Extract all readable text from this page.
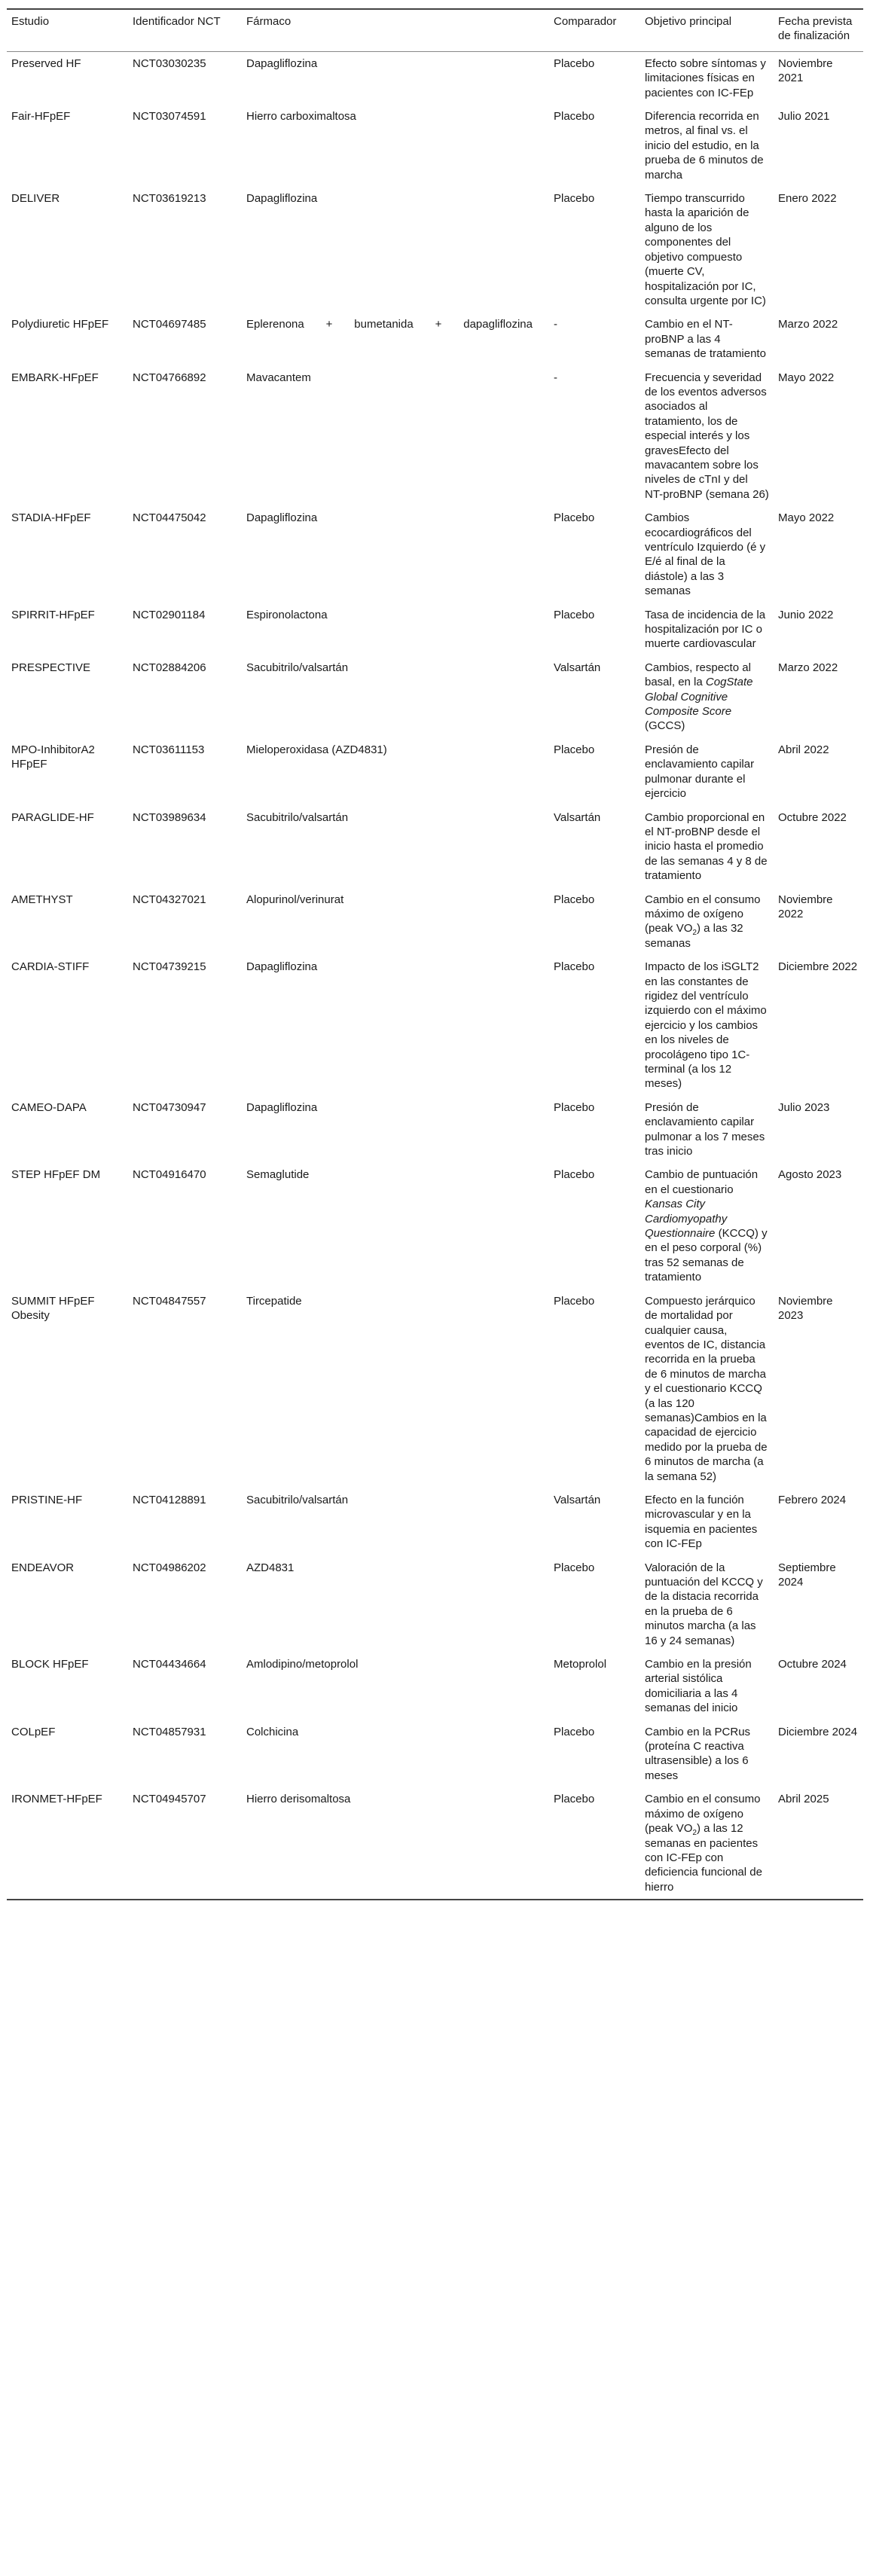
Estudio	Identificador NCT	Fármaco	Comparador	Objetivo principal	Fecha prevista de finalización
Preserved HF	NCT03030235	Dapagliflozina	Placebo	Efecto sobre síntomas y limitaciones físicas en pacientes con IC-FEp	Noviembre 2021
Fair-HFpEF	NCT03074591	Hierro carboximaltosa	Placebo	Diferencia recorrida en metros, al final vs. el inicio del estudio, en la prueba de 6 minutos de marcha	Julio 2021
DELIVER	NCT03619213	Dapagliflozina	Placebo	Tiempo transcurrido hasta la aparición de alguno de los componentes del objetivo compuesto (muerte CV, hospitalización por IC, consulta urgente por IC)	Enero 2022
Polydiuretic HFpEF	NCT04697485	Eplerenona + bumetanida + dapagliflozina	-	Cambio en el NT-proBNP a las 4 semanas de tratamiento	Marzo 2022
EMBARK-HFpEF	NCT04766892	Mavacantem	-	Frecuencia y severidad de los eventos adversos asociados al tratamiento, los de especial interés y los gravesEfecto del mavacantem sobre los niveles de cTnI y del NT-proBNP (semana 26)	Mayo 2022
STADIA-HFpEF	NCT04475042	Dapagliflozina	Placebo	Cambios ecocardiográficos del ventrículo Izquierdo (é y E/é al final de la diástole) a las 3 semanas	Mayo 2022
SPIRRIT-HFpEF	NCT02901184	Espironolactona	Placebo	Tasa de incidencia de la hospitalización por IC o muerte cardiovascular	Junio 2022
PRESPECTIVE	NCT02884206	Sacubitrilo/valsartán	Valsartán	Cambios, respecto al basal, en la CogState Global Cognitive Composite Score (GCCS)	Marzo 2022
MPO-InhibitorA2 HFpEF	NCT03611153	Mieloperoxidasa (AZD4831)	Placebo	Presión de enclavamiento capilar pulmonar durante el ejercicio	Abril 2022
PARAGLIDE-HF	NCT03989634	Sacubitrilo/valsartán	Valsartán	Cambio proporcional en el NT-proBNP desde el inicio hasta el promedio de las semanas 4 y 8 de tratamiento	Octubre 2022
AMETHYST	NCT04327021	Alopurinol/verinurat	Placebo	Cambio en el consumo máximo de oxígeno (peak $VO_2$) a las 32 semanas	Noviembre 2022
CARDIA-STIFF	NCT04739215	Dapagliflozina	Placebo	Impacto de los iSGLT2 en las constantes de rigidez del ventrículo izquierdo con el máximo ejercicio y los cambios en los niveles de procolágeno tipo 1C-terminal (a los 12 meses)	Diciembre 2022
CAMEO-DAPA	NCT04730947	Dapagliflozina	Placebo	Presión de enclavamiento capilar pulmonar a los 7 meses tras inicio	Julio 2023
STEP HFpEF DM	NCT04916470	Semaglutide	Placebo	Cambio de puntuación en el cuestionario Kansas City Cardiomyopathy Questionnaire (KCCQ) y en el peso corporal (%) tras 52 semanas de tratamiento	Agosto 2023
SUMMIT HFpEF Obesity	NCT04847557	Tircepatide	Placebo	Compuesto jerárquico de mortalidad por cualquier causa, eventos de IC, distancia recorrida en la prueba de 6 minutos de marcha y el cuestionario KCCQ (a las 120 semanas)Cambios en la capacidad de ejercicio medido por la prueba de 6 minutos de marcha (a la semana 52)	Noviembre 2023
PRISTINE-HF	NCT04128891	Sacubitrilo/valsartán	Valsartán	Efecto en la función microvascular y en la isquemia en pacientes con IC-FEp	Febrero 2024
ENDEAVOR	NCT04986202	AZD4831	Placebo	Valoración de la puntuación del KCCQ y de la distacia recorrida en la prueba de 6 minutos marcha (a las 16 y 24 semanas)	Septiembre 2024
BLOCK HFpEF	NCT04434664	Amlodipino/metoprolol	Metoprolol	Cambio en la presión arterial sistólica domiciliaria a las 4 semanas del inicio	Octubre 2024
COLpEF	NCT04857931	Colchicina	Placebo	Cambio en la PCRus (proteína C reactiva ultrasensible) a los 6 meses	Diciembre 2024
IRONMET-HFpEF	NCT04945707	Hierro derisomaltosa	Placebo	Cambio en el consumo máximo de oxígeno (peak $VO_2$) a las 12 semanas en pacientes con IC-FEp con deficiencia funcional de hierro	Abril 2025
